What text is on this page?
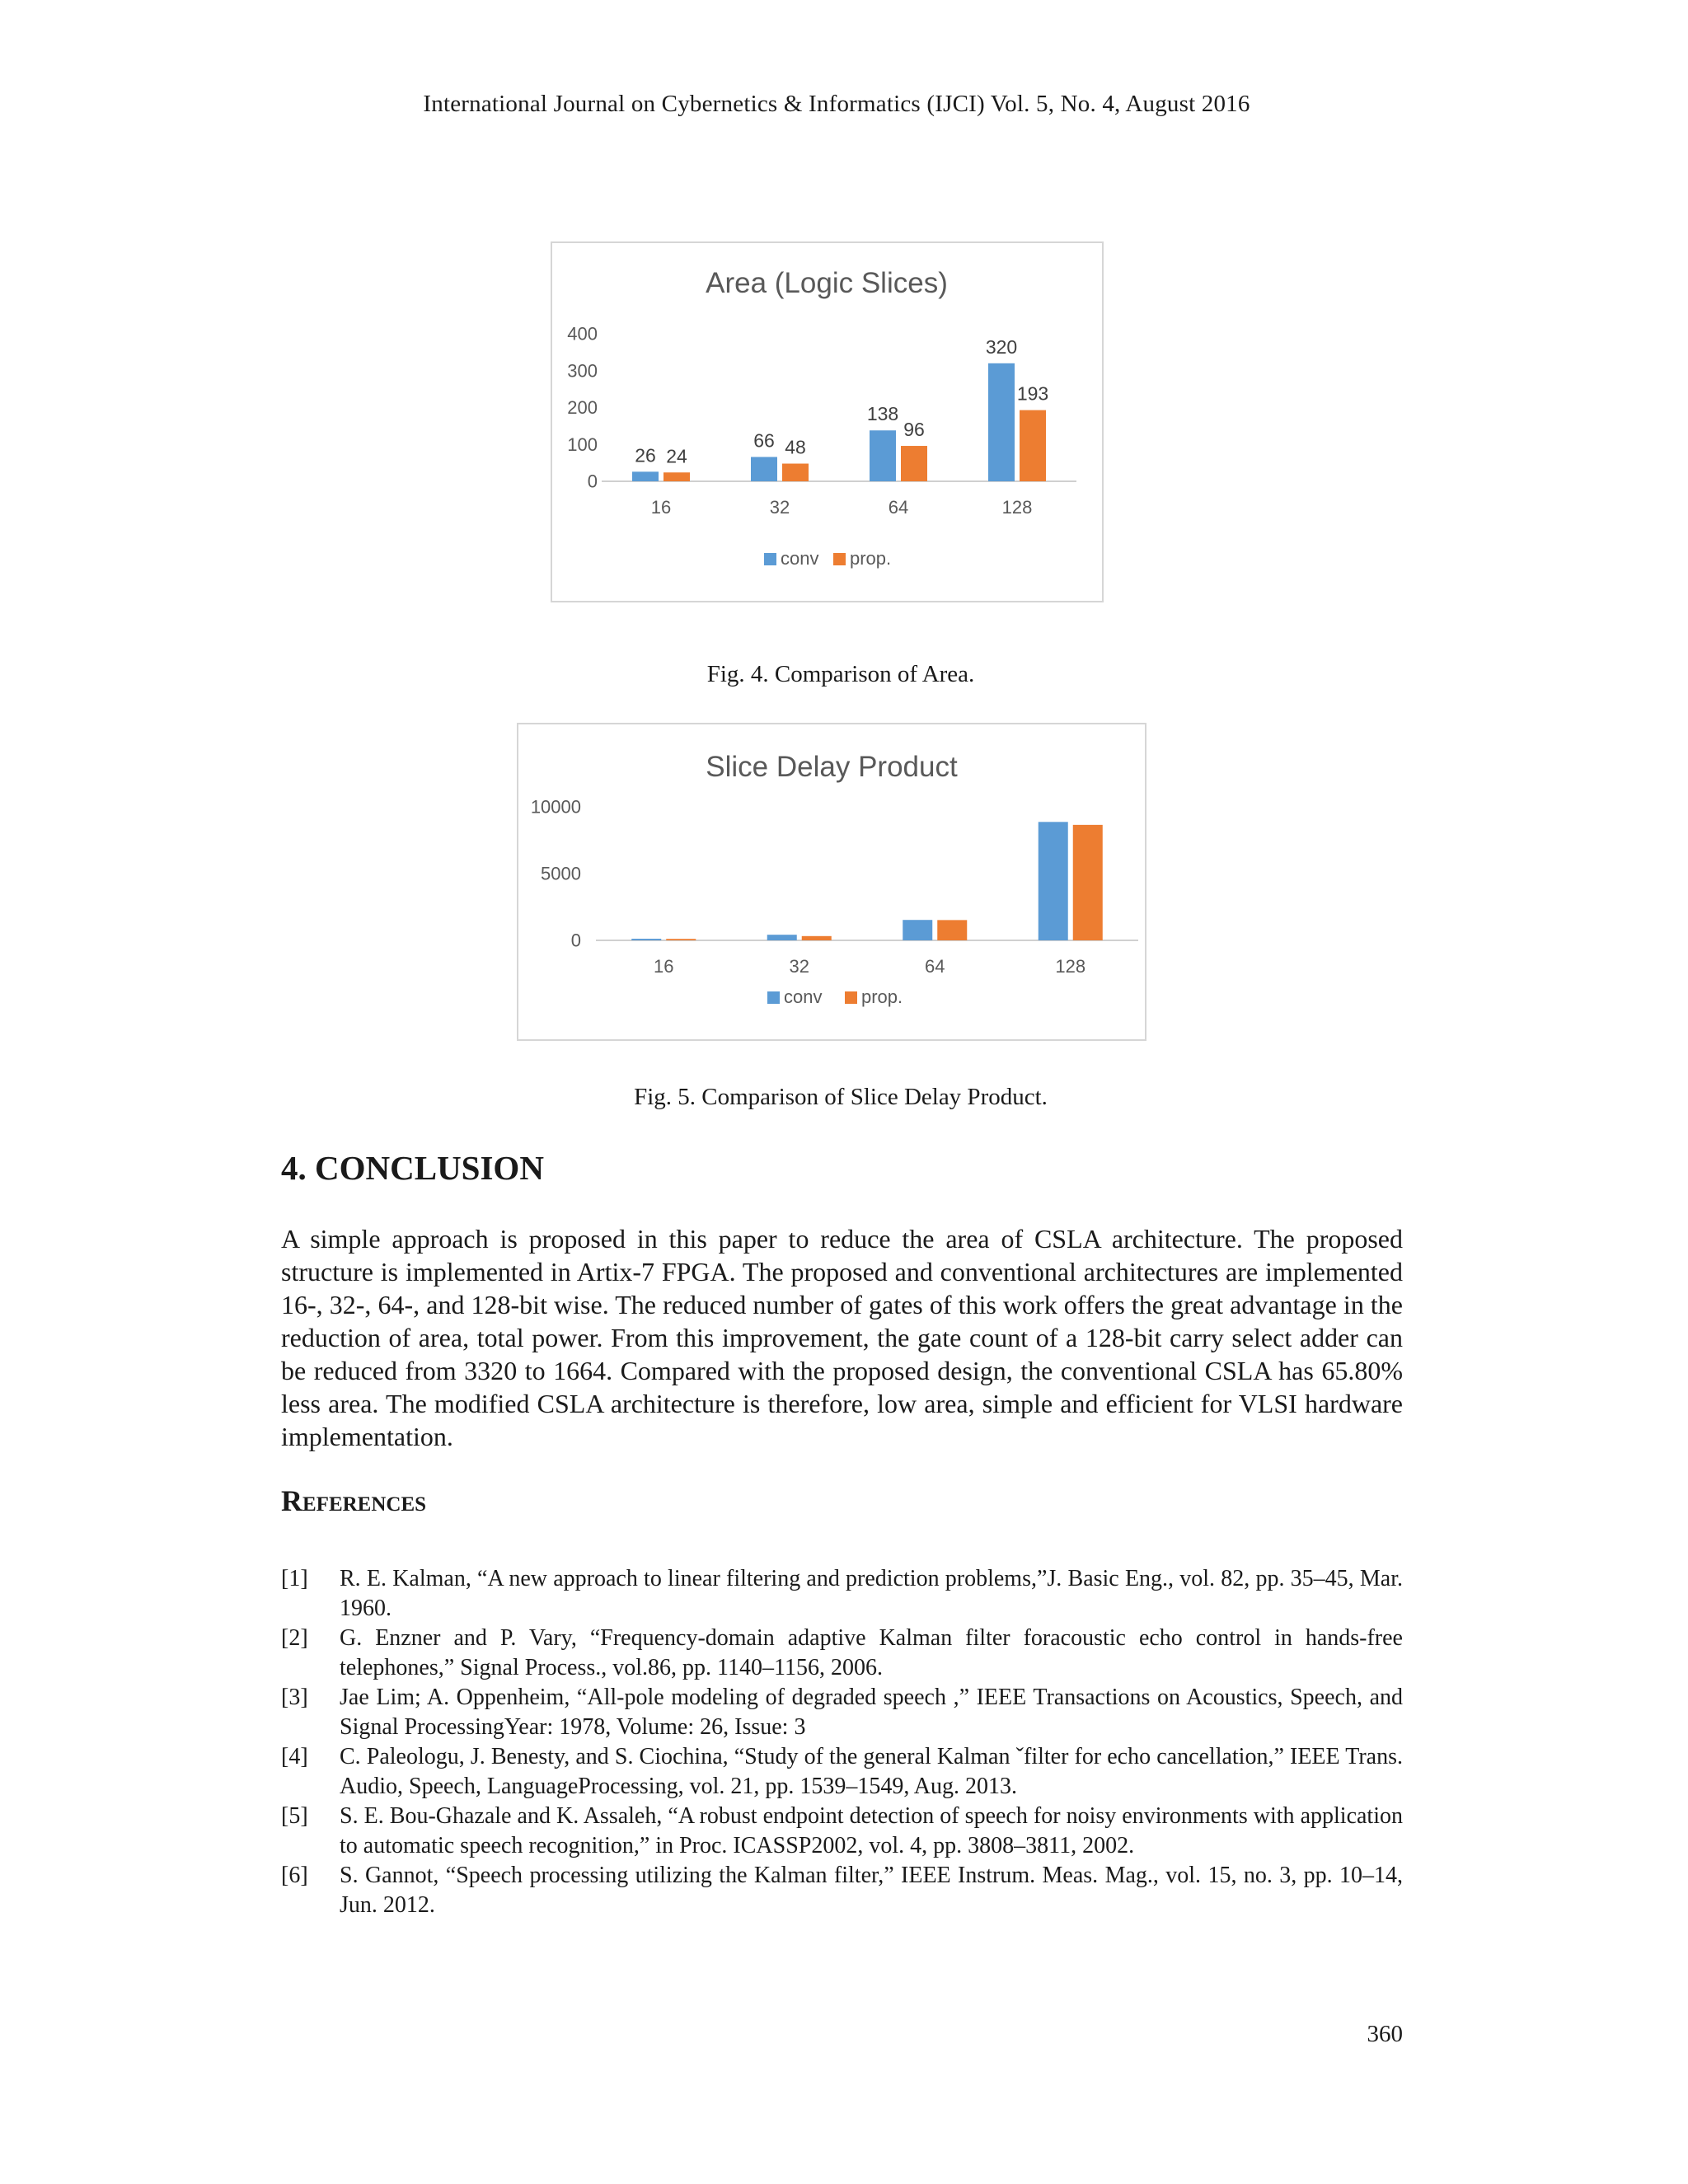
International Journal on Cybernetics & Informatics (IJCI) Vol. 5, No. 4, August 2016
Area (Logic Slices)
0
100
200
300
400
16
26 24
32
66 48
64
138
96
128
320
193
conv prop.
Fig. 4. Comparison of Area.
Slice Delay Product
0
5000
10000
16	32	64	128
conv prop.
Fig. 5. Comparison of Slice Delay Product.
4. CONCLUSION

A simple approach is proposed in this paper to reduce the area of CSLA architecture. The proposed structure is implemented in Artix-7 FPGA. The proposed and conventional architectures are implemented 16-, 32-, 64-, and 128-bit wise. The reduced number of gates of this work offers the great advantage in the reduction of area, total power. From this improvement, the gate count of a 128-bit carry select adder can be reduced from 3320 to 1664. Compared with the proposed design, the conventional CSLA has 65.80% less area. The modified CSLA architecture is therefore, low area, simple and efficient for VLSI hardware implementation.

References
[1] R. E. Kalman, “A new approach to linear filtering and prediction problems,”J. Basic Eng., vol. 82, pp. 35–45, Mar. 1960.
[2] G. Enzner and P. Vary, “Frequency-domain adaptive Kalman filter foracoustic echo control in hands-free telephones,” Signal Process., vol.86, pp. 1140–1156, 2006.
[3] Jae Lim; A. Oppenheim, “All-pole modeling of degraded speech ,” IEEE Transactions on Acoustics, Speech, and Signal ProcessingYear: 1978, Volume: 26, Issue: 3
[4] C. Paleologu, J. Benesty, and S. Ciochina, “Study of the general Kalman ˇfilter for echo cancellation,” IEEE Trans. Audio, Speech, LanguageProcessing, vol. 21, pp. 1539–1549, Aug. 2013.
[5] S. E. Bou-Ghazale and K. Assaleh, “A robust endpoint detection of speech for noisy environments with application to automatic speech recognition,” in Proc. ICASSP2002, vol. 4, pp. 3808–3811, 2002.
[6] S. Gannot, “Speech processing utilizing the Kalman filter,” IEEE Instrum. Meas. Mag., vol. 15, no. 3, pp. 10–14, Jun. 2012.
360
